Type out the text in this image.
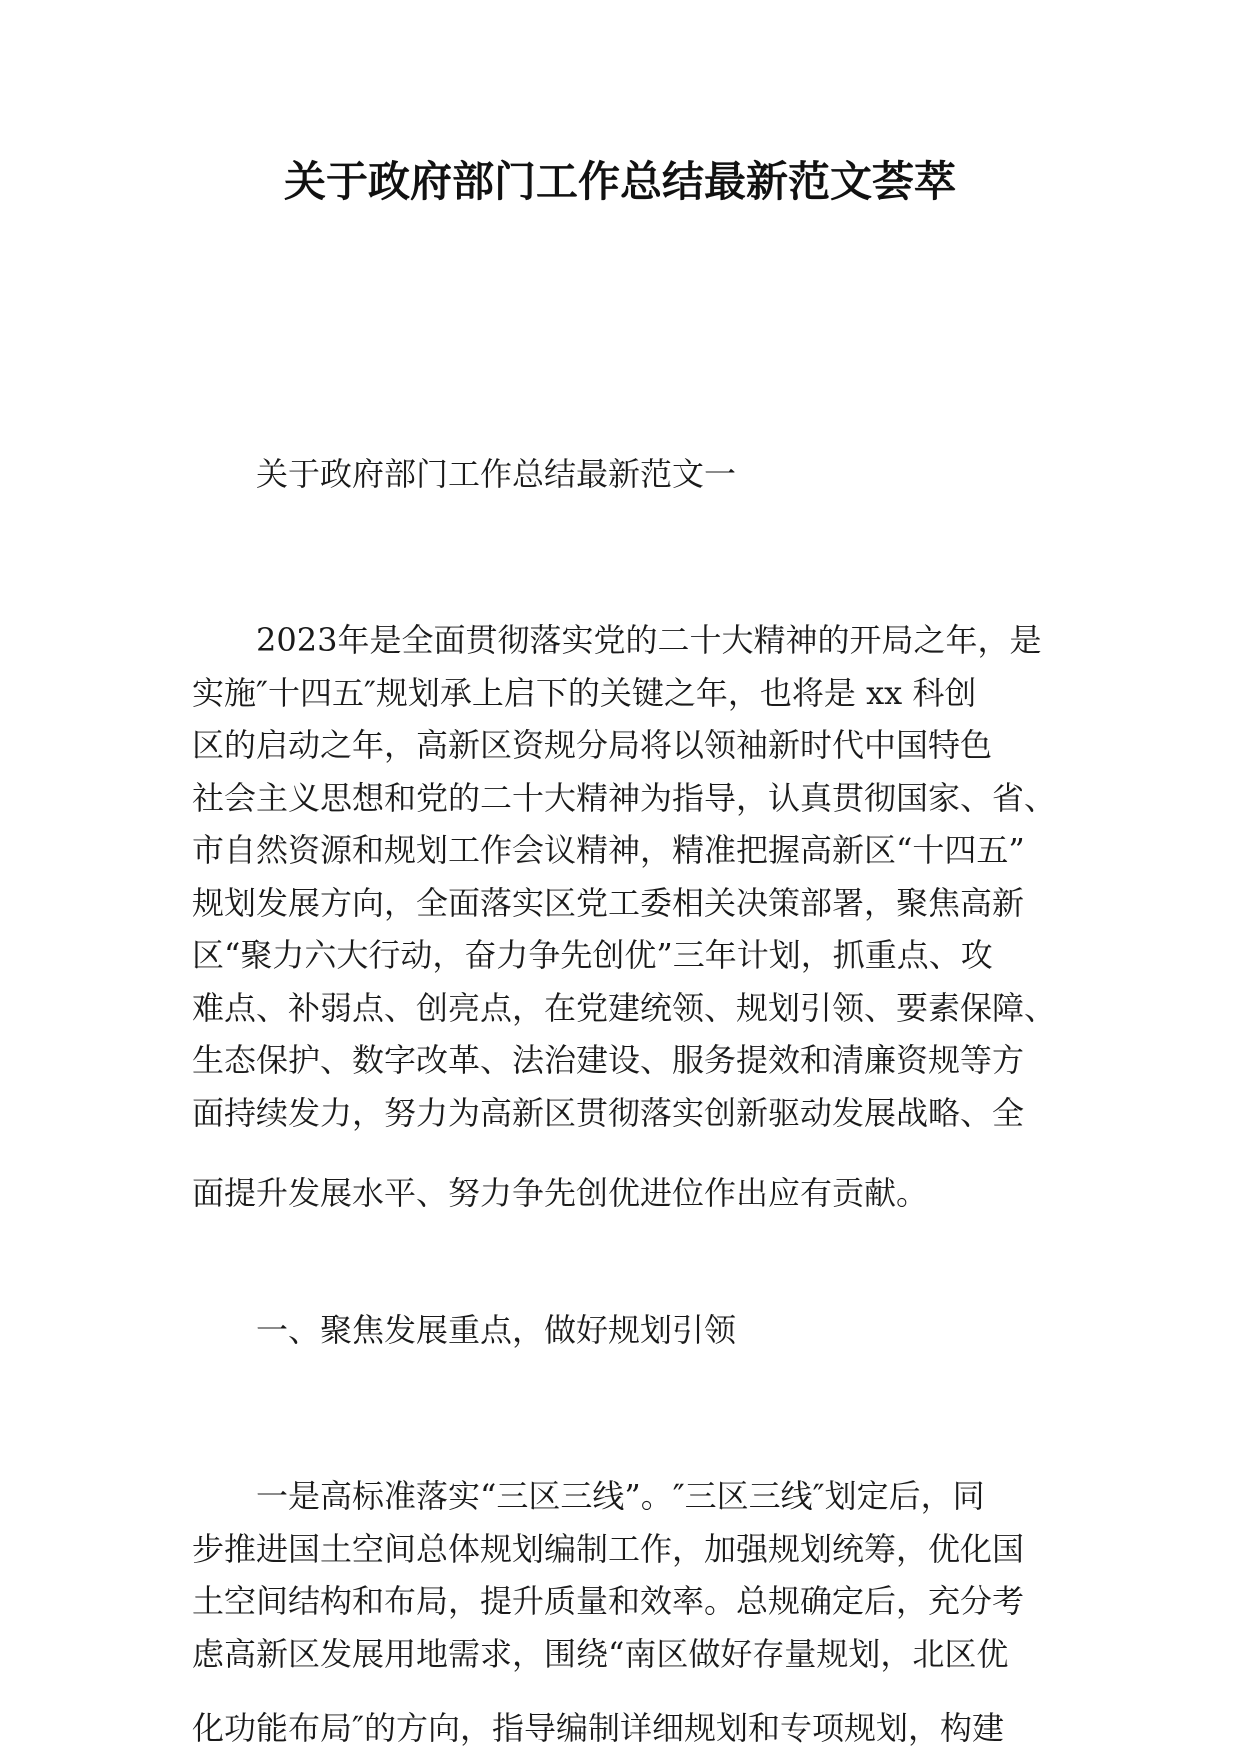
关于政府部门工作总结最新范文荟萃
关于政府部门工作总结最新范文一
2023年是全面贯彻落实党的二十大精神的开局之年，是
实施″十四五″规划承上启下的关键之年，也将是 xx 科创
区的启动之年，高新区资规分局将以领袖新时代中国特色
社会主义思想和党的二十大精神为指导，认真贯彻国家、省、
市自然资源和规划工作会议精神，精准把握高新区“十四五”
规划发展方向，全面落实区党工委相关决策部署，聚焦高新
区“聚力六大行动，奋力争先创优”三年计划，抓重点、攻
难点、补弱点、创亮点，在党建统领、规划引领、要素保障、
生态保护、数字改革、法治建设、服务提效和清廉资规等方
面持续发力，努力为高新区贯彻落实创新驱动发展战略、全
面提升发展水平、努力争先创优进位作出应有贡献。
一、聚焦发展重点，做好规划引领
一是高标准落实“三区三线”。″三区三线″划定后，同
步推进国土空间总体规划编制工作，加强规划统筹，优化国
土空间结构和布局，提升质量和效率。总规确定后，充分考
虑高新区发展用地需求，围绕“南区做好存量规划，北区优
化功能布局″的方向，指导编制详细规划和专项规划，构建
